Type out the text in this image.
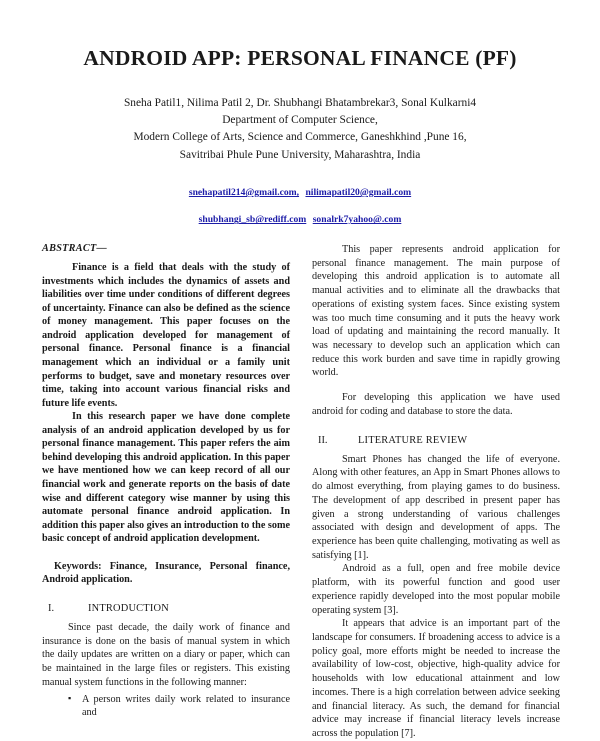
ANDROID APP: PERSONAL FINANCE (PF)
Sneha Patil1, Nilima Patil 2, Dr. Shubhangi Bhatambrekar3, Sonal Kulkarni4
Department of Computer Science,
Modern College of Arts, Science and Commerce, Ganeshkhind ,Pune 16,
Savitribai Phule Pune University, Maharashtra, India
snehapatil214@gmail.com, nilimapatil20@gmail.com
shubhangi_sb@rediff.com sonalrk7yahoo@.com
ABSTRACT—

Finance is a field that deals with the study of investments which includes the dynamics of assets and liabilities over time under conditions of different degrees of uncertainty. Finance can also be defined as the science of money management. This paper focuses on the android application developed for management of personal finance. Personal finance is a financial management which an individual or a family unit performs to budget, save and monetary resources over time, taking into account various financial risks and future life events.

In this research paper we have done complete analysis of an android application developed by us for personal finance management. This paper refers the aim behind developing this android application. In this paper we have mentioned how we can keep record of all our financial work and generate reports on the basis of date wise and different category wise manner by using this automate personal finance android application. In addition this paper also gives an introduction to the some basic concept of android application development.

Keywords: Finance, Insurance, Personal finance, Android application.

I.	INTRODUCTION

Since past decade, the daily work of finance and insurance is done on the basis of manual system in which the daily updates are written on a diary or paper, which can be maintained in the large files or registers. This existing manual system functions in the following manner:

▪ A person writes daily work related to insurance and

This paper represents android application for personal finance management. The main purpose of developing this android application is to automate all manual activities and to eliminate all the drawbacks that operations of existing system faces. Since existing system was too much time consuming and it puts the heavy work load of updating and maintaining the record manually. It was necessary to develop such an application which can reduce this work burden and save time in rapidly growing world.

For developing this application we have used android for coding and database to store the data.

II.	LITERATURE REVIEW

Smart Phones has changed the life of everyone. Along with other features, an App in Smart Phones allows to do almost everything, from playing games to do business. The development of app described in present paper has given a strong understanding of various challenges associated with design and development of apps. The experience has been quite challenging, motivating as well as satisfying [1].

Android as a full, open and free mobile device platform, with its powerful function and good user experience rapidly developed into the most popular mobile operating system [3].

It appears that advice is an important part of the landscape for consumers. If broadening access to advice is a policy goal, more efforts might be needed to increase the availability of low-cost, objective, high-quality advice for households with low educational attainment and low incomes. There is a high correlation between advice seeking and financial literacy. As such, the demand for financial advice may increase if financial literacy levels increase across the population [7].
